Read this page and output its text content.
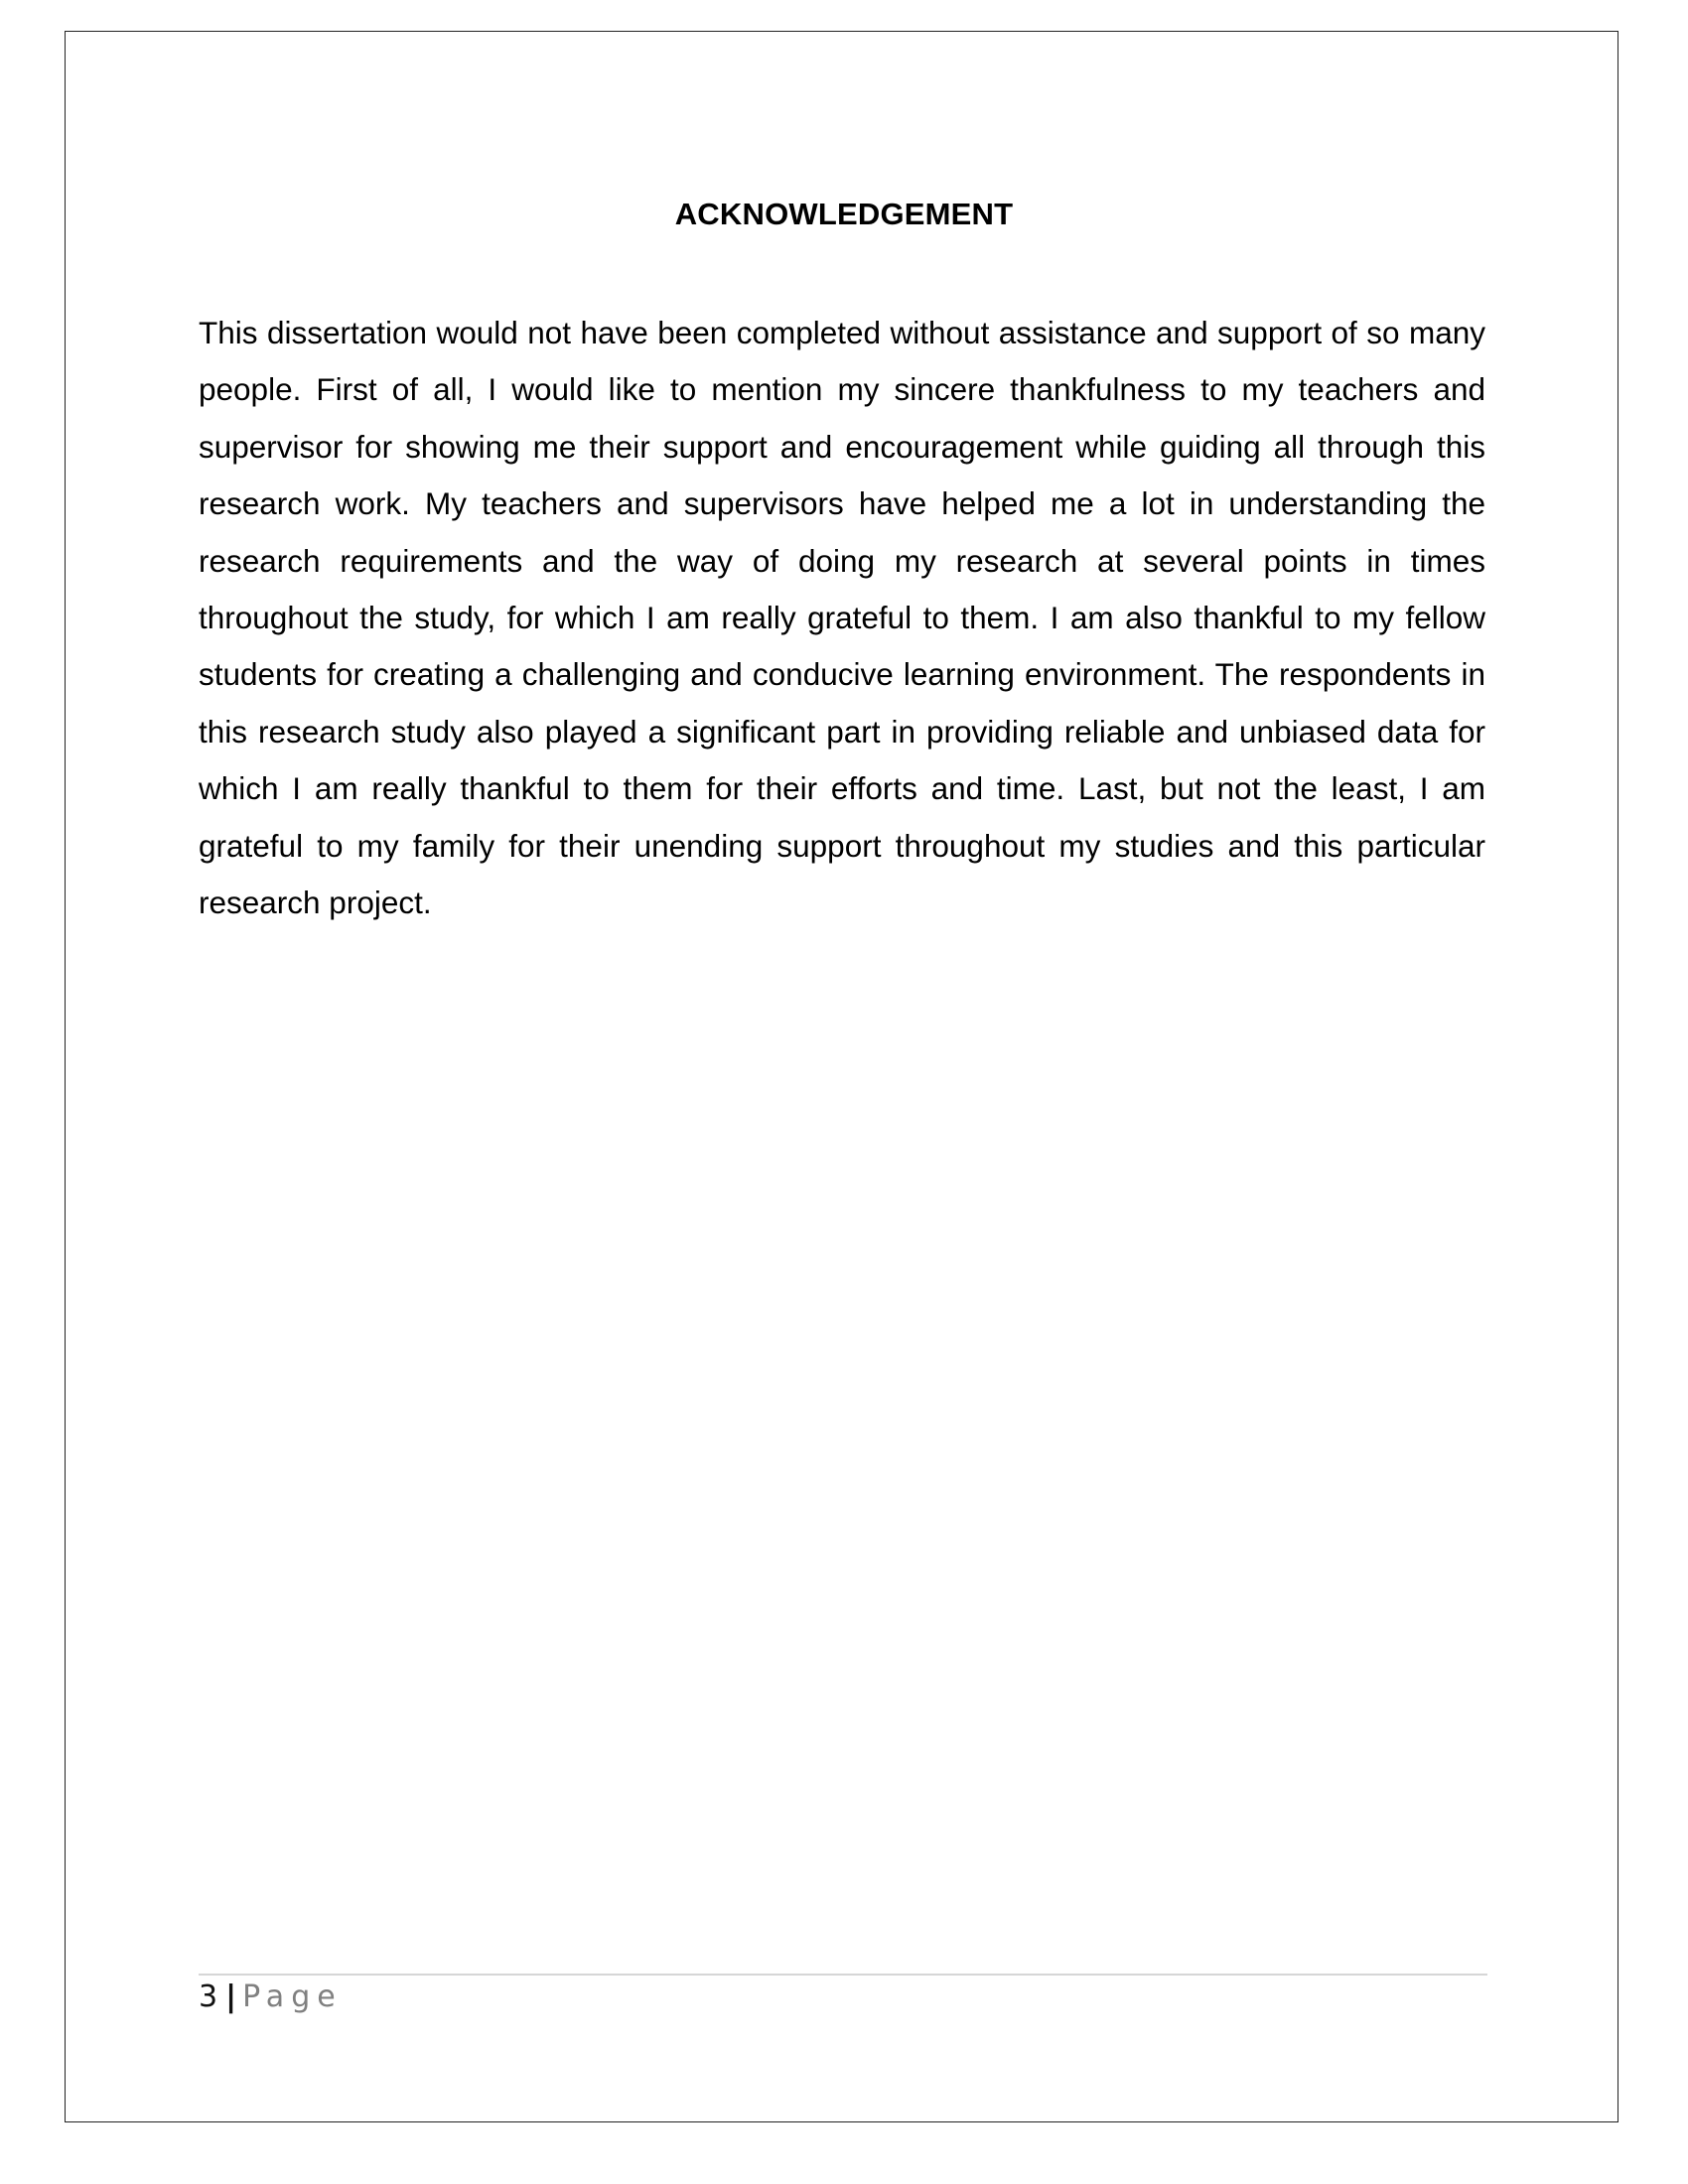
ACKNOWLEDGEMENT

This dissertation would not have been completed without assistance and support of so many people. First of all, I would like to mention my sincere thankfulness to my teachers and supervisor for showing me their support and encouragement while guiding all through this research work. My teachers and supervisors have helped me a lot in understanding the research requirements and the way of doing my research at several points in times throughout the study, for which I am really grateful to them. I am also thankful to my fellow students for creating a challenging and conducive learning environment. The respondents in this research study also played a significant part in providing reliable and unbiased data for which I am really thankful to them for their efforts and time. Last, but not the least, I am grateful to my family for their unending support throughout my studies and this particular research project.

3 | Page
